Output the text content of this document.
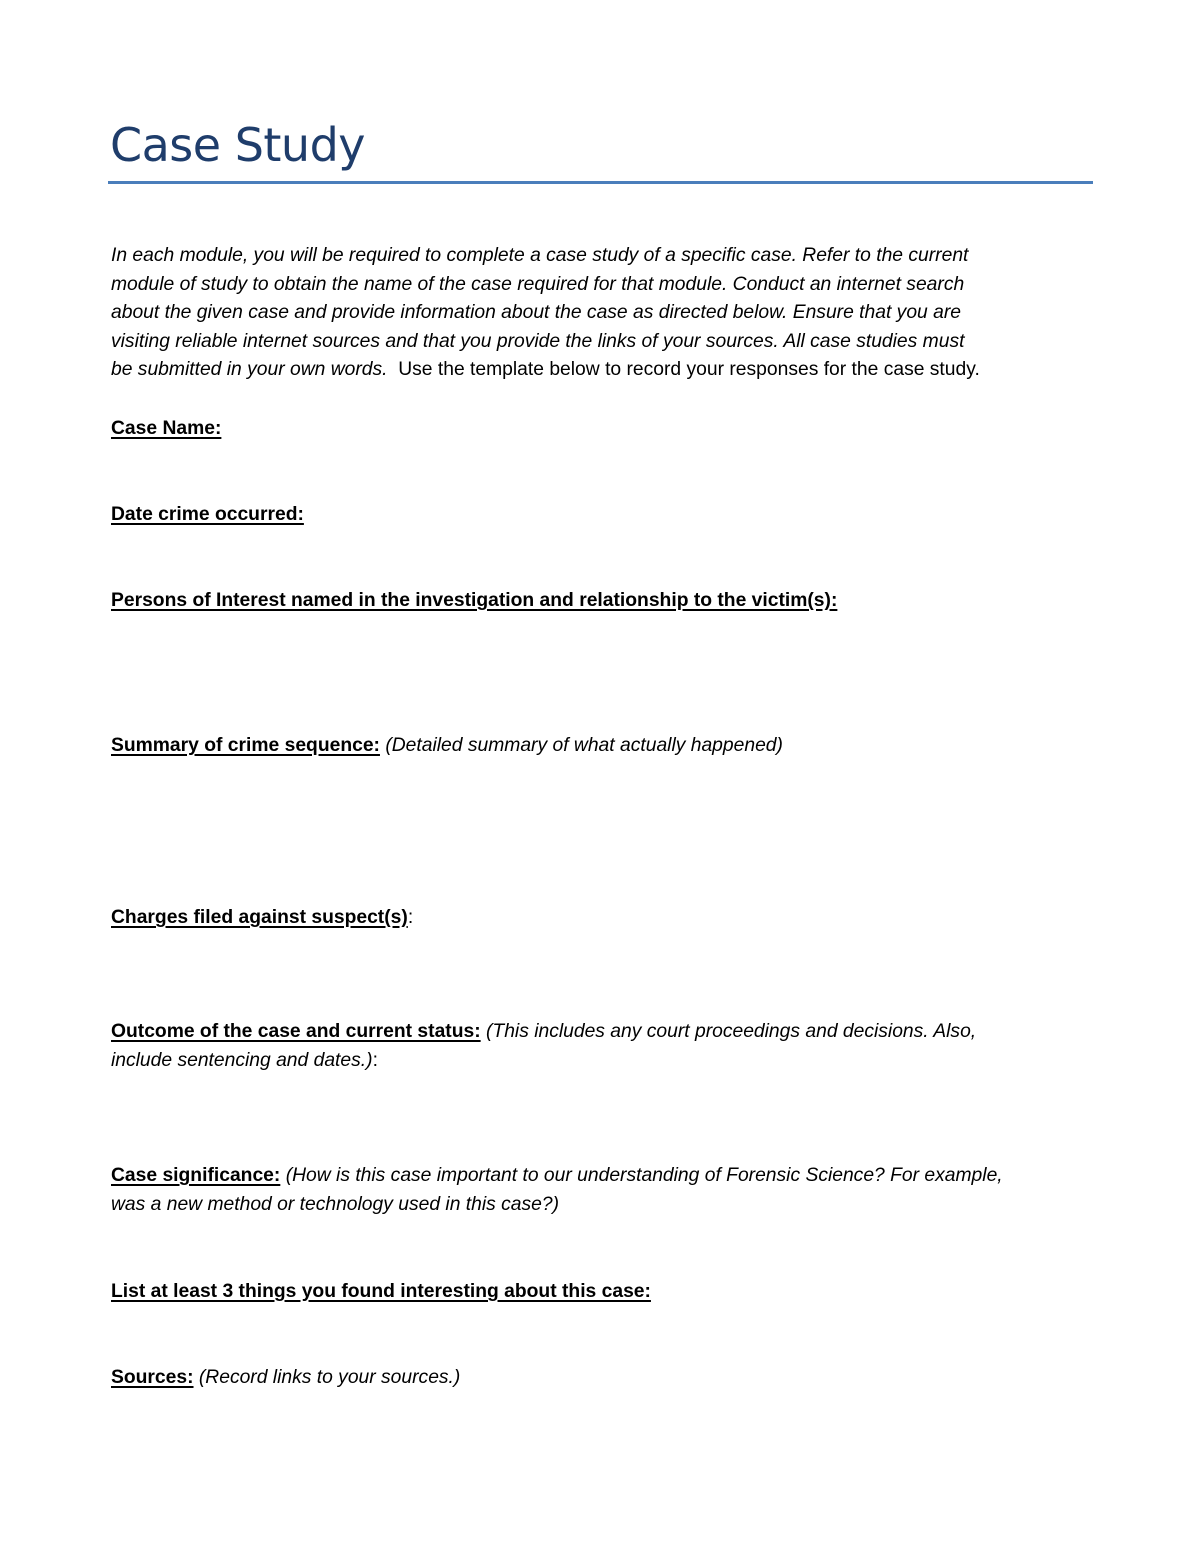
Case Study
In each module, you will be required to complete a case study of a specific case. Refer to the current
module of study to obtain the name of the case required for that module. Conduct an internet search
about the given case and provide information about the case as directed below. Ensure that you are
visiting reliable internet sources and that you provide the links of your sources. All case studies must
be submitted in your own words.  Use the template below to record your responses for the case study.
Case Name:
Date crime occurred:
Persons of Interest named in the investigation and relationship to the victim(s):
Summary of crime sequence: (Detailed summary of what actually happened)
Charges filed against suspect(s):
Outcome of the case and current status: (This includes any court proceedings and decisions. Also,
include sentencing and dates.):
Case significance: (How is this case important to our understanding of Forensic Science? For example,
was a new method or technology used in this case?)
List at least 3 things you found interesting about this case:
Sources: (Record links to your sources.)
